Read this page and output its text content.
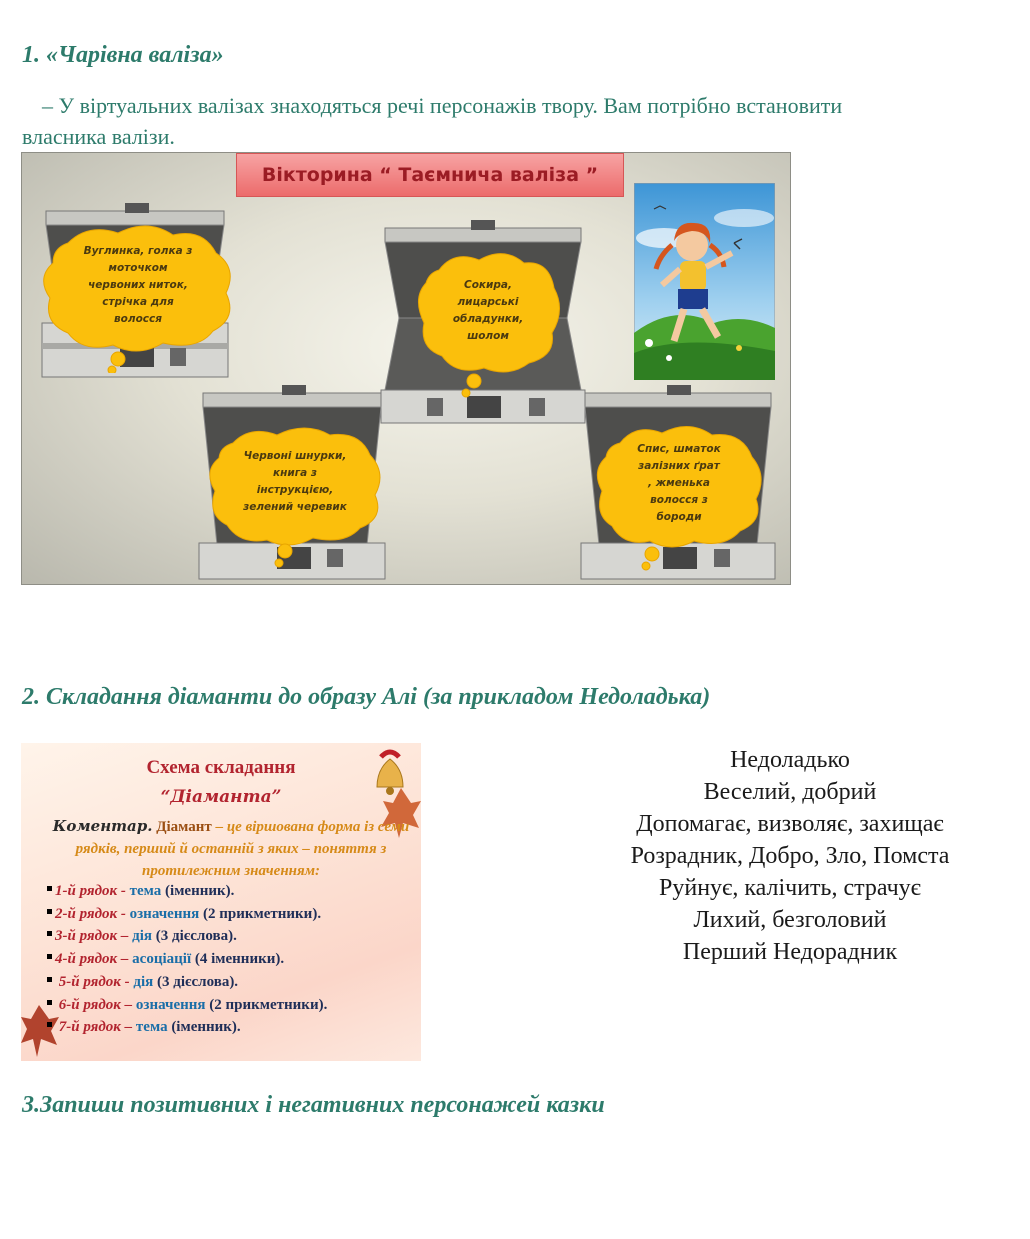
1. «Чарівна валіза»

– У віртуальних валізах знаходяться речі персонажів твору. Вам потрібно встановити
власника валізи.

Вікторина “ Таємнича валіза ”
Вуглинка, голка з
моточком
червоних ниток,
стрічка для
волосся
Сокира,
лицарські
обладунки,
шолом
Червоні шнурки,
книга з
інструкцією,
зелений черевик
Спис, шматок
залізних ґрат
, жменька
волосся з
бороди
2. Складання діаманти до образу Алі (за прикладом Недоладька)
Схема складання
“Діаманта”
Коментар. Діамант – це віршована форма із семи рядків, перший й останній з яких – поняття з протилежним значенням:
1-й рядок - тема (іменник).
2-й рядок - означення (2 прикметники).
3-й рядок – дія (3 дієслова).
4-й рядок – асоціації (4 іменники).
5-й рядок - дія (3 дієслова).
6-й рядок – означення (2 прикметники).
7-й рядок – тема (іменник).
Недоладько
Веселий, добрий
Допомагає, визволяє, захищає
Розрадник, Добро, Зло, Помста
Руйнує, калічить, страчує
Лихий, безголовий
Перший Недорадник
3.Запиши позитивних і негативних персонажей казки
